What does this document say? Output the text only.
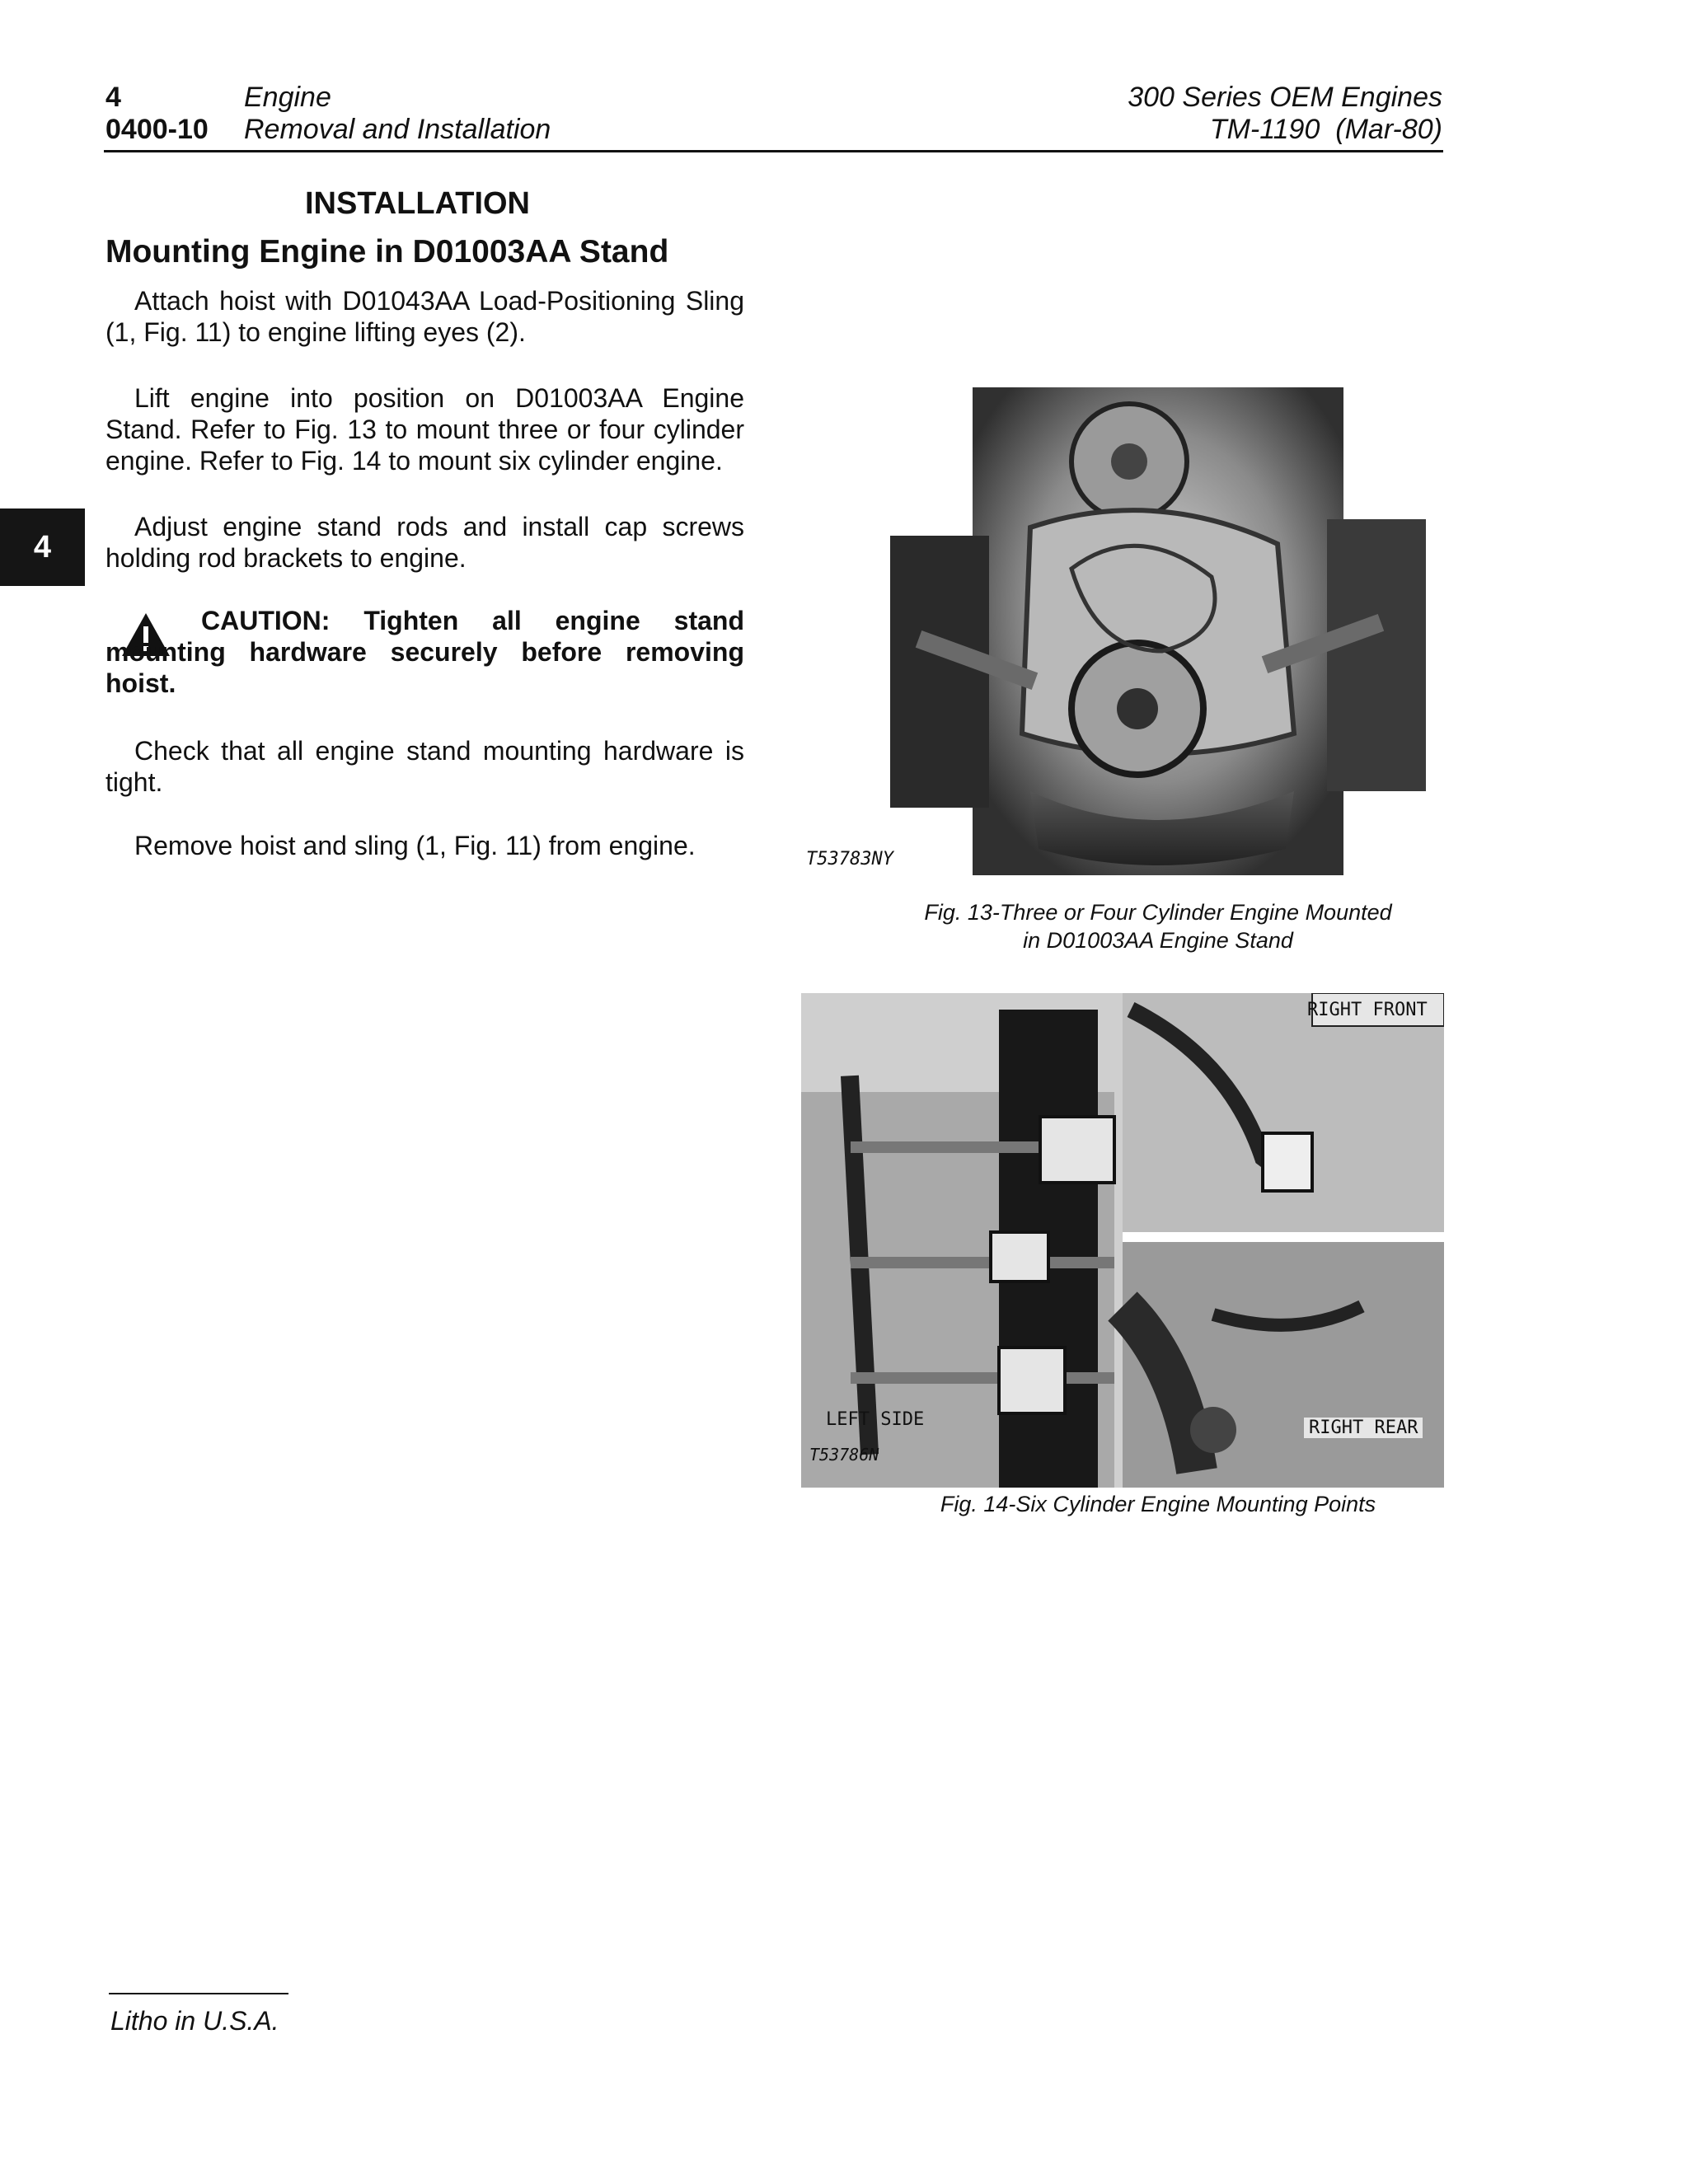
4
0400-10
Engine
Removal and Installation
300 Series OEM Engines
TM-1190 (Mar-80)
4
INSTALLATION
Mounting Engine in D01003AA Stand
Attach hoist with D01043AA Load-Positioning Sling (1, Fig. 11) to engine lifting eyes (2).
Lift engine into position on D01003AA Engine Stand. Refer to Fig. 13 to mount three or four cylinder engine. Refer to Fig. 14 to mount six cylinder engine.
Adjust engine stand rods and install cap screws holding rod brackets to engine.
CAUTION: Tighten all engine stand mounting hardware securely before removing hoist.
Check that all engine stand mounting hardware is tight.
Remove hoist and sling (1, Fig. 11) from engine.	T53783NY
Fig. 13-Three or Four Cylinder Engine Mounted
in D01003AA Engine Stand
RIGHT FRONT
LEFT SIDE	RIGHT REAR
T53786N
Fig. 14-Six Cylinder Engine Mounting Points
Litho in U.S.A.
